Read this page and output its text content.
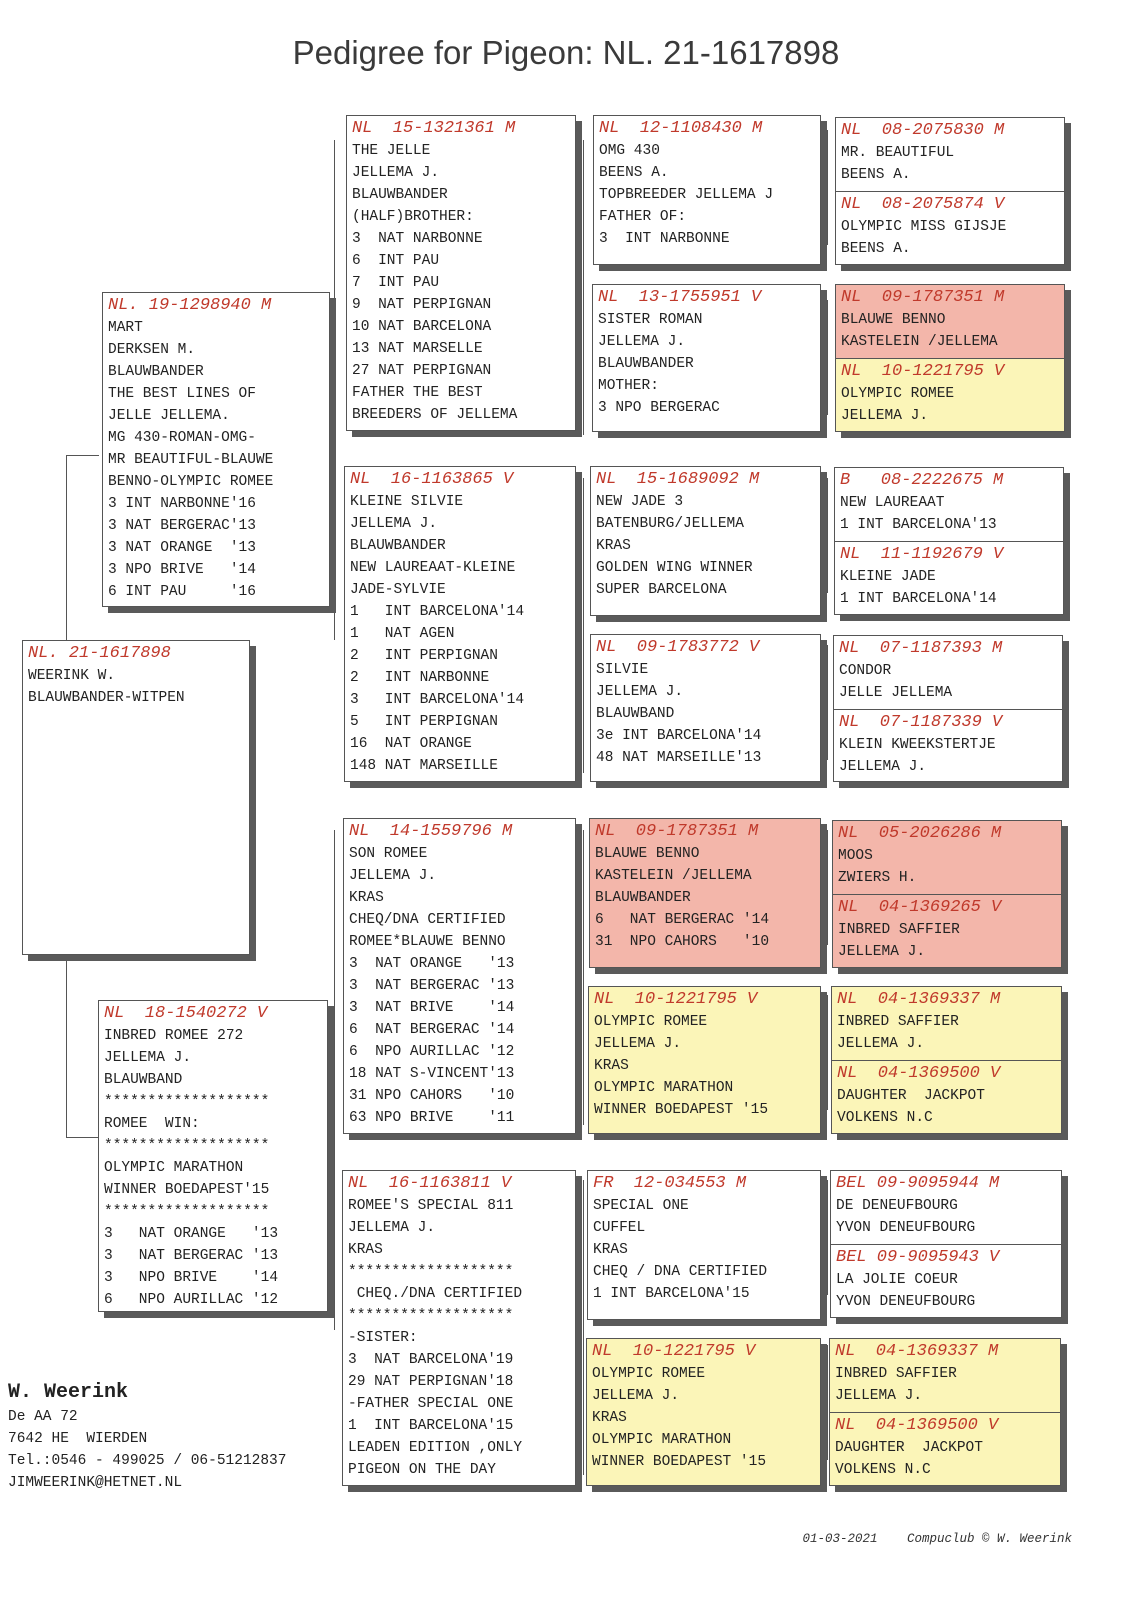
Pedigree for Pigeon: NL. 21-1617898
NL. 21-1617898
WEERINK W.
BLAUWBANDER-WITPEN
NL. 19-1298940 M
MART
DERKSEN M.
BLAUWBANDER
THE BEST LINES OF
JELLE JELLEMA.
MG 430-ROMAN-OMG-
MR BEAUTIFUL-BLAUWE
BENNO-OLYMPIC ROMEE
3 INT NARBONNE'16
3 NAT BERGERAC'13
3 NAT ORANGE  '13
3 NPO BRIVE   '14
6 INT PAU     '16
NL  18-1540272 V
INBRED ROMEE 272
JELLEMA J.
BLAUWBAND
*******************
ROMEE  WIN:
*******************
OLYMPIC MARATHON
WINNER BOEDAPEST'15
*******************
3   NAT ORANGE   '13
3   NAT BERGERAC '13
3   NPO BRIVE    '14
6   NPO AURILLAC '12
NL  15-1321361 M
THE JELLE
JELLEMA J.
BLAUWBANDER
(HALF)BROTHER:
3  NAT NARBONNE
6  INT PAU
7  INT PAU
9  NAT PERPIGNAN
10 NAT BARCELONA
13 NAT MARSELLE
27 NAT PERPIGNAN
FATHER THE BEST
BREEDERS OF JELLEMA
NL  16-1163865 V
KLEINE SILVIE
JELLEMA J.
BLAUWBANDER
NEW LAUREAAT-KLEINE
JADE-SYLVIE
1   INT BARCELONA'14
1   NAT AGEN
2   INT PERPIGNAN
2   INT NARBONNE
3   INT BARCELONA'14
5   INT PERPIGNAN
16  NAT ORANGE
148 NAT MARSEILLE
NL  14-1559796 M
SON ROMEE
JELLEMA J.
KRAS
CHEQ/DNA CERTIFIED
ROMEE*BLAUWE BENNO
3  NAT ORANGE   '13
3  NAT BERGERAC '13
3  NAT BRIVE    '14
6  NAT BERGERAC '14
6  NPO AURILLAC '12
18 NAT S-VINCENT'13
31 NPO CAHORS   '10
63 NPO BRIVE    '11
NL  16-1163811 V
ROMEE'S SPECIAL 811
JELLEMA J.
KRAS
*******************
CHEQ./DNA CERTIFIED
*******************
-SISTER:
3  NAT BARCELONA'19
29 NAT PERPIGNAN'18
-FATHER SPECIAL ONE
1  INT BARCELONA'15
LEADEN EDITION ,ONLY
PIGEON ON THE DAY
NL  12-1108430 M
OMG 430
BEENS A.
TOPBREEDER JELLEMA J
FATHER OF:
3  INT NARBONNE
NL  13-1755951 V
SISTER ROMAN
JELLEMA J.
BLAUWBANDER
MOTHER:
3 NPO BERGERAC
NL  15-1689092 M
NEW JADE 3
BATENBURG/JELLEMA
KRAS
GOLDEN WING WINNER
SUPER BARCELONA
NL  09-1783772 V
SILVIE
JELLEMA J.
BLAUWBAND
3e INT BARCELONA'14
48 NAT MARSEILLE'13
NL  09-1787351 M
BLAUWE BENNO
KASTELEIN /JELLEMA
BLAUWBANDER
6   NAT BERGERAC '14
31  NPO CAHORS   '10
NL  10-1221795 V
OLYMPIC ROMEE
JELLEMA J.
KRAS
OLYMPIC MARATHON
WINNER BOEDAPEST '15
FR  12-034553 M
SPECIAL ONE
CUFFEL
KRAS
CHEQ / DNA CERTIFIED
1 INT BARCELONA'15
NL  10-1221795 V
OLYMPIC ROMEE
JELLEMA J.
KRAS
OLYMPIC MARATHON
WINNER BOEDAPEST '15
NL  08-2075830 M
MR. BEAUTIFUL
BEENS A.
NL  08-2075874 V
OLYMPIC MISS GIJSJE
BEENS A.
NL  09-1787351 M
BLAUWE BENNO
KASTELEIN /JELLEMA
NL  10-1221795 V
OLYMPIC ROMEE
JELLEMA J.
B   08-2222675 M
NEW LAUREAAT
1 INT BARCELONA'13
NL  11-1192679 V
KLEINE JADE
1 INT BARCELONA'14
NL  07-1187393 M
CONDOR
JELLE JELLEMA
NL  07-1187339 V
KLEIN KWEEKSTERTJE
JELLEMA J.
NL  05-2026286 M
MOOS
ZWIERS H.
NL  04-1369265 V
INBRED SAFFIER
JELLEMA J.
NL  04-1369337 M
INBRED SAFFIER
JELLEMA J.
NL  04-1369500 V
DAUGHTER  JACKPOT
VOLKENS N.C
BEL 09-9095944 M
DE DENEUFBOURG
YVON DENEUFBOURG
BEL 09-9095943 V
LA JOLIE COEUR
YVON DENEUFBOURG
NL  04-1369337 M
INBRED SAFFIER
JELLEMA J.
NL  04-1369500 V
DAUGHTER  JACKPOT
VOLKENS N.C
W. Weerink
De AA 72
7642 HE  WIERDEN
Tel.:0546 - 499025 / 06-51212837
JIMWEERINK@HETNET.NL
01-03-2021 Compuclub © W. Weerink
